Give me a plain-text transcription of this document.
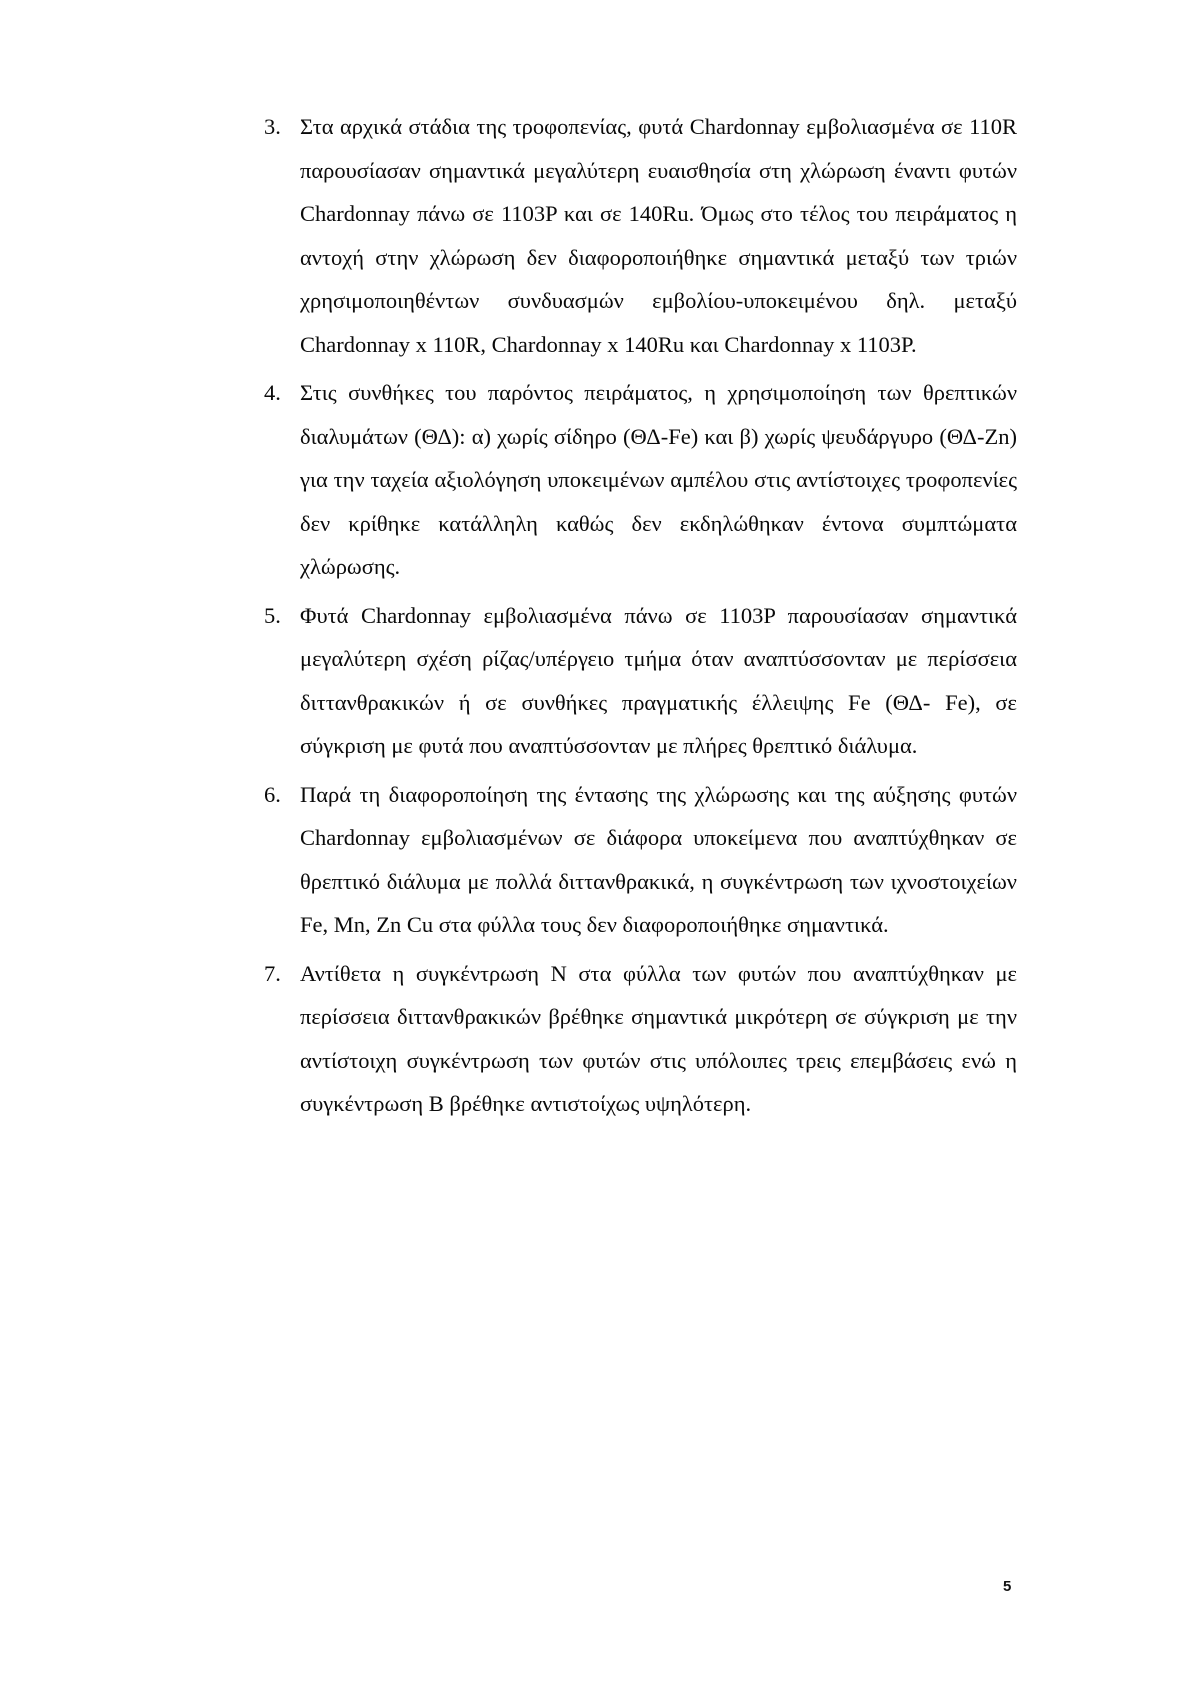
3. Στα αρχικά στάδια της τροφοπενίας, φυτά Chardonnay εμβολιασμένα σε 110R παρουσίασαν σημαντικά μεγαλύτερη ευαισθησία στη χλώρωση έναντι φυτών Chardonnay πάνω σε 1103P και σε 140Ru. Όμως στο τέλος του πειράματος η αντοχή στην χλώρωση δεν διαφοροποιήθηκε σημαντικά μεταξύ των τριών χρησιμοποιηθέντων συνδυασμών εμβολίου-υποκειμένου δηλ. μεταξύ Chardonnay x 110R, Chardonnay x 140Ru και Chardonnay x 1103P.
4. Στις συνθήκες του παρόντος πειράματος, η χρησιμοποίηση των θρεπτικών διαλυμάτων (ΘΔ): α) χωρίς σίδηρο (ΘΔ-Fe) και β) χωρίς ψευδάργυρο (ΘΔ-Zn) για την ταχεία αξιολόγηση υποκειμένων αμπέλου στις αντίστοιχες τροφοπενίες δεν κρίθηκε κατάλληλη καθώς δεν εκδηλώθηκαν έντονα συμπτώματα χλώρωσης.
5. Φυτά Chardonnay εμβολιασμένα πάνω σε 1103P παρουσίασαν σημαντικά μεγαλύτερη σχέση ρίζας/υπέργειο τμήμα όταν αναπτύσσονταν με περίσσεια διττανθρακικών ή σε συνθήκες πραγματικής έλλειψης Fe (ΘΔ- Fe), σε σύγκριση με φυτά που αναπτύσσονταν με πλήρες θρεπτικό διάλυμα.
6. Παρά τη διαφοροποίηση της έντασης της χλώρωσης και της αύξησης φυτών Chardonnay εμβολιασμένων σε διάφορα υποκείμενα που αναπτύχθηκαν σε θρεπτικό διάλυμα με πολλά διττανθρακικά, η συγκέντρωση των ιχνοστοιχείων Fe, Mn, Zn Cu στα φύλλα τους δεν διαφοροποιήθηκε σημαντικά.
7. Αντίθετα η συγκέντρωση N στα φύλλα των φυτών που αναπτύχθηκαν με περίσσεια διττανθρακικών βρέθηκε σημαντικά μικρότερη σε σύγκριση με την αντίστοιχη συγκέντρωση των φυτών στις υπόλοιπες τρεις επεμβάσεις ενώ η συγκέντρωση B βρέθηκε αντιστοίχως υψηλότερη.
5
